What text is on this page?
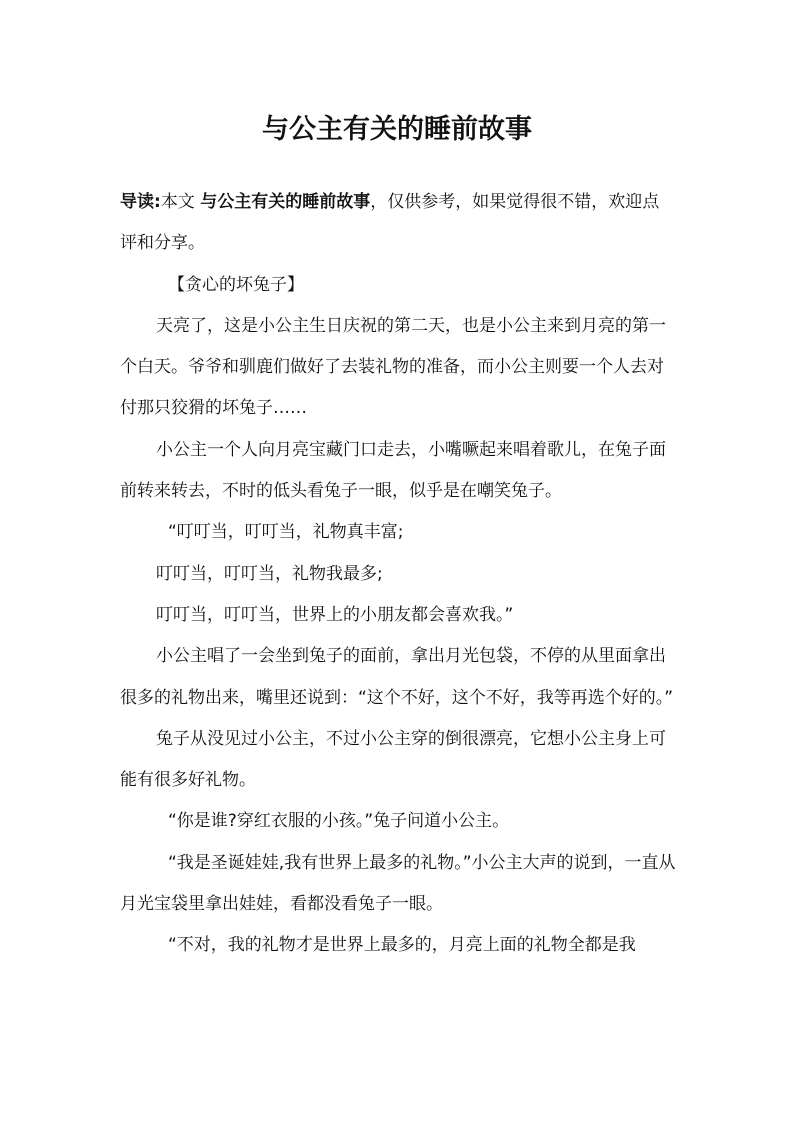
与公主有关的睡前故事

导读:本文 与公主有关的睡前故事，仅供参考，如果觉得很不错，欢迎点评和分享。

【贪心的坏兔子】

天亮了，这是小公主生日庆祝的第二天，也是小公主来到月亮的第一个白天。爷爷和驯鹿们做好了去装礼物的准备，而小公主则要一个人去对付那只狡猾的坏兔子……

小公主一个人向月亮宝藏门口走去，小嘴噘起来唱着歌儿，在兔子面前转来转去，不时的低头看兔子一眼，似乎是在嘲笑兔子。

“叮叮当，叮叮当，礼物真丰富;

叮叮当，叮叮当，礼物我最多;

叮叮当，叮叮当，世界上的小朋友都会喜欢我。”

小公主唱了一会坐到兔子的面前，拿出月光包袋，不停的从里面拿出很多的礼物出来，嘴里还说到：“这个不好，这个不好，我等再选个好的。”

兔子从没见过小公主，不过小公主穿的倒很漂亮，它想小公主身上可能有很多好礼物。

“你是谁?穿红衣服的小孩。”兔子问道小公主。

“我是圣诞娃娃,我有世界上最多的礼物。”小公主大声的说到，一直从月光宝袋里拿出娃娃，看都没看兔子一眼。

“不对，我的礼物才是世界上最多的，月亮上面的礼物全都是我
